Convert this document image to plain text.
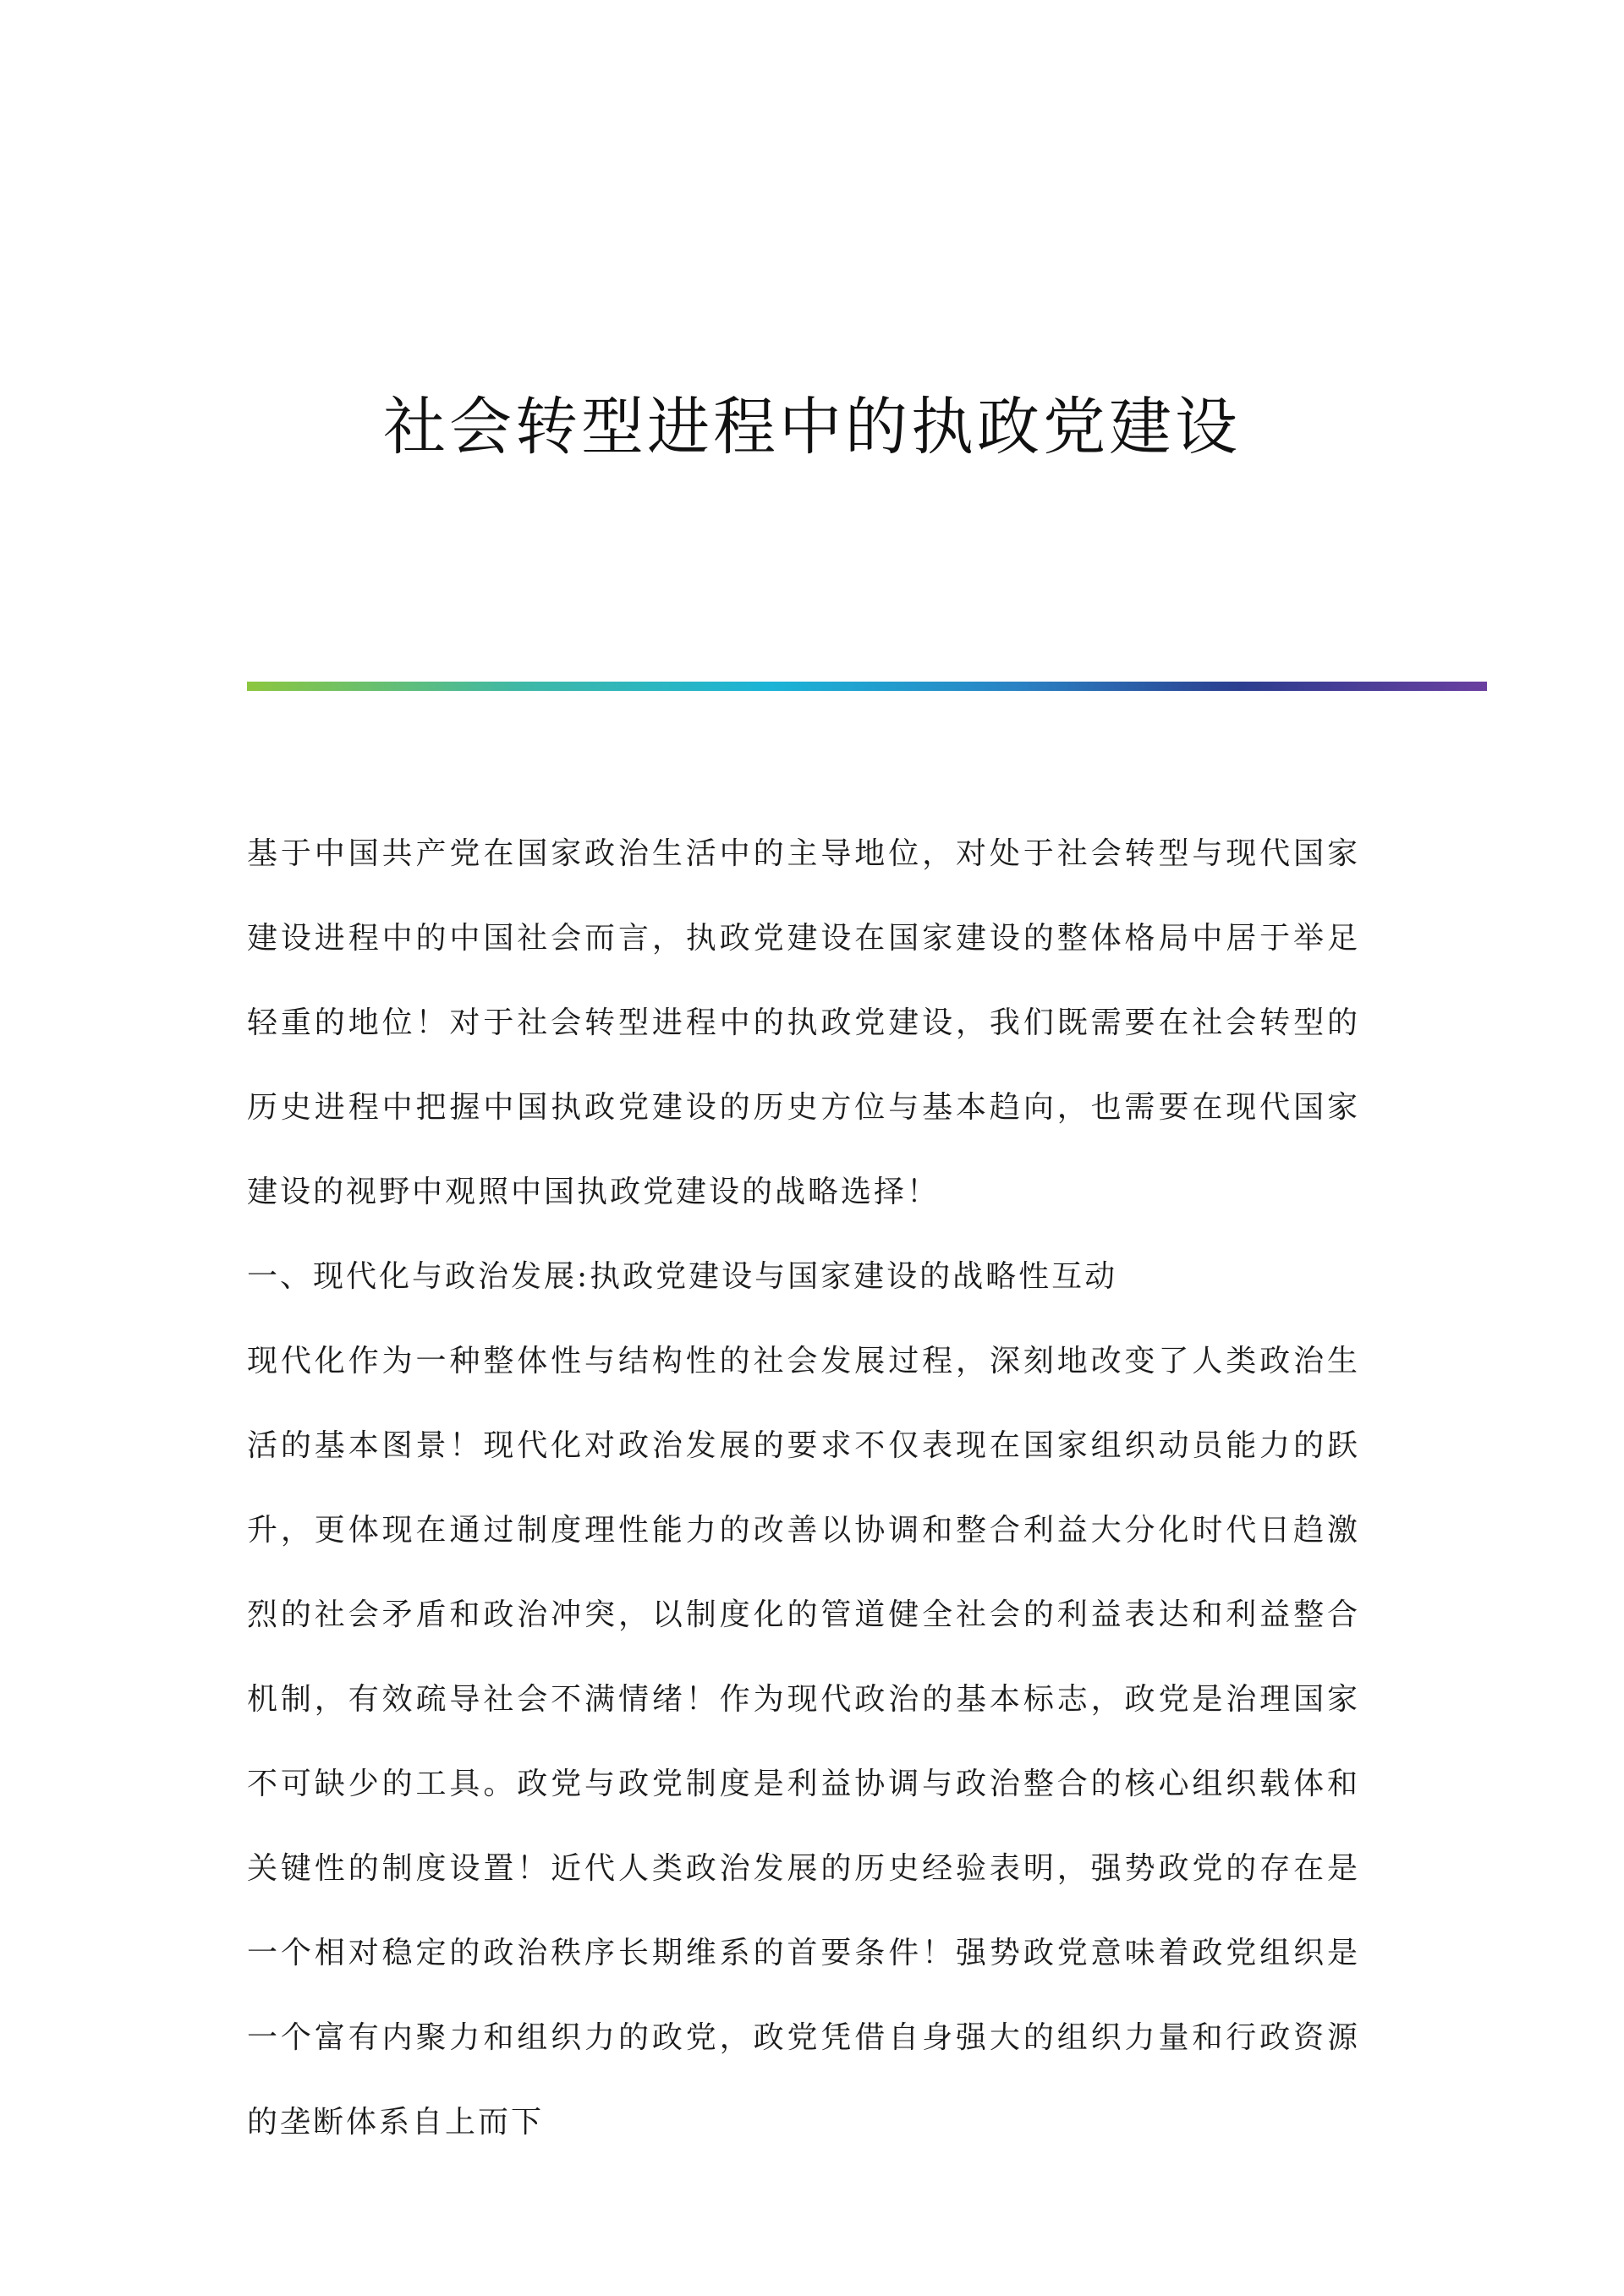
社会转型进程中的执政党建设

基于中国共产党在国家政治生活中的主导地位，对处于社会转型与现代国家建设进程中的中国社会而言，执政党建设在国家建设的整体格局中居于举足轻重的地位！对于社会转型进程中的执政党建设，我们既需要在社会转型的历史进程中把握中国执政党建设的历史方位与基本趋向，也需要在现代国家建设的视野中观照中国执政党建设的战略选择！

一、现代化与政治发展:执政党建设与国家建设的战略性互动

现代化作为一种整体性与结构性的社会发展过程，深刻地改变了人类政治生活的基本图景！现代化对政治发展的要求不仅表现在国家组织动员能力的跃升，更体现在通过制度理性能力的改善以协调和整合利益大分化时代日趋激烈的社会矛盾和政治冲突，以制度化的管道健全社会的利益表达和利益整合机制，有效疏导社会不满情绪！作为现代政治的基本标志，政党是治理国家不可缺少的工具。政党与政党制度是利益协调与政治整合的核心组织载体和关键性的制度设置！近代人类政治发展的历史经验表明，强势政党的存在是一个相对稳定的政治秩序长期维系的首要条件！强势政党意味着政党组织是一个富有内聚力和组织力的政党，政党凭借自身强大的组织力量和行政资源的垄断体系自上而下
